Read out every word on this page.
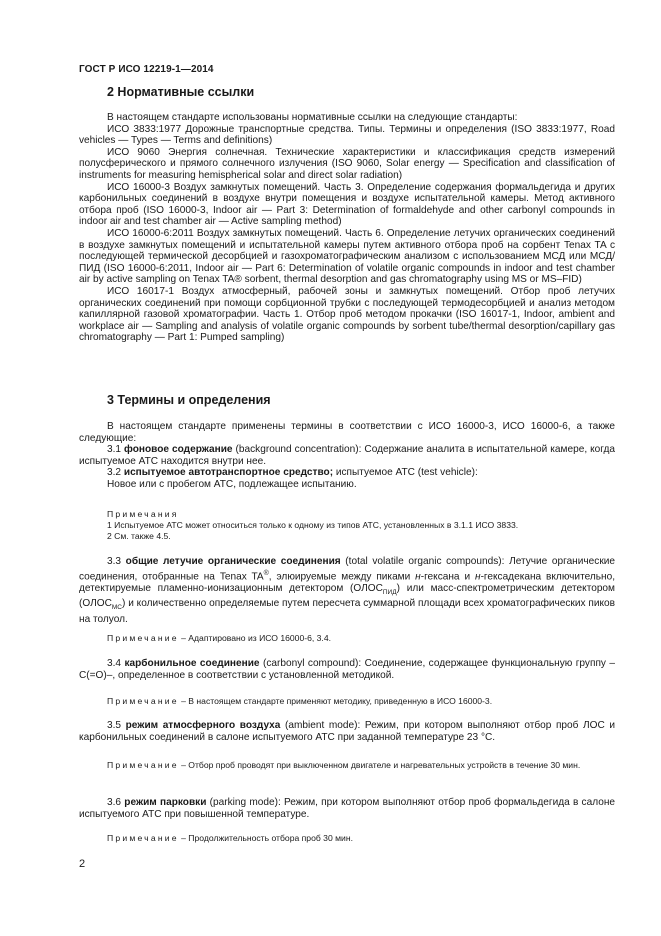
ГОСТ Р ИСО 12219-1—2014
2 Нормативные ссылки

В настоящем стандарте использованы нормативные ссылки на следующие стандарты:

ИСО 3833:1977 Дорожные транспортные средства. Типы. Термины и определения (ISO 3833:1977, Road vehicles — Types — Terms and definitions)

ИСО 9060 Энергия солнечная. Технические характеристики и классификация средств измерений полусферического и прямого солнечного излучения (ISO 9060, Solar energy — Specification and classification of instruments for measuring hemispherical solar and direct solar radiation)

ИСО 16000-3 Воздух замкнутых помещений. Часть 3. Определение содержания формальдегида и других карбонильных соединений в воздухе внутри помещения и воздухе испытательной камеры. Метод активного отбора проб (ISO 16000-3, Indoor air — Part 3: Determination of formaldehyde and other carbonyl compounds in indoor air and test chamber air — Active sampling method)

ИСО 16000-6:2011 Воздух замкнутых помещений. Часть 6. Определение летучих органических соединений в воздухе замкнутых помещений и испытательной камеры путем активного отбора проб на сорбент Tenax TA с последующей термической десорбцией и газохроматографическим анализом с использованием МСД или МСД/ПИД (ISO 16000-6:2011, Indoor air — Part 6: Determination of volatile organic compounds in indoor and test chamber air by active sampling on Tenax TA® sorbent, thermal desorption and gas chromatography using MS or MS–FID)

ИСО 16017-1 Воздух атмосферный, рабочей зоны и замкнутых помещений. Отбор проб летучих органических соединений при помощи сорбционной трубки с последующей термодесорбцией и анализ методом капиллярной газовой хроматографии. Часть 1. Отбор проб методом прокачки (ISO 16017-1, Indoor, ambient and workplace air — Sampling and analysis of volatile organic compounds by sorbent tube/thermal desorption/capillary gas chromatography — Part 1: Pumped sampling)

3 Термины и определения

В настоящем стандарте применены термины в соответствии с ИСО 16000-3, ИСО 16000-6, а также следующие:

3.1 фоновое содержание (background concentration): Содержание аналита в испытательной камере, когда испытуемое АТС находится внутри нее.

3.2 испытуемое автотранспортное средство; испытуемое АТС (test vehicle):

Новое или с пробегом АТС, подлежащее испытанию.

Примечания

1 Испытуемое АТС может относиться только к одному из типов АТС, установленных в 3.1.1 ИСО 3833.

2 См. также 4.5.

3.3 общие летучие органические соединения (total volatile organic compounds): Летучие органические соединения, отобранные на Tenax TA®, элюируемые между пиками н-гексана и н-гексадекана включительно, детектируемые пламенно-ионизационным детектором $(ОЛОС_{ПИД})$ или масс-спектрометрическим детектором $(ОЛОС_{МС})$ и количественно определяемые путем пересчета суммарной площади всех хроматографических пиков на толуол.

Примечание – Адаптировано из ИСО 16000-6, 3.4.

3.4 карбонильное соединение (carbonyl compound): Соединение, содержащее функциональную группу –С(=О)–, определенное в соответствии с установленной методикой.

Примечание – В настоящем стандарте применяют методику, приведенную в ИСО 16000-3.

3.5 режим атмосферного воздуха (ambient mode): Режим, при котором выполняют отбор проб ЛОС и карбонильных соединений в салоне испытуемого АТС при заданной температуре 23 °С.

Примечание – Отбор проб проводят при выключенном двигателе и нагревательных устройств в течение 30 мин.

3.6 режим парковки (parking mode): Режим, при котором выполняют отбор проб формальдегида в салоне испытуемого АТС при повышенной температуре.

Примечание – Продолжительность отбора проб 30 мин.

2
